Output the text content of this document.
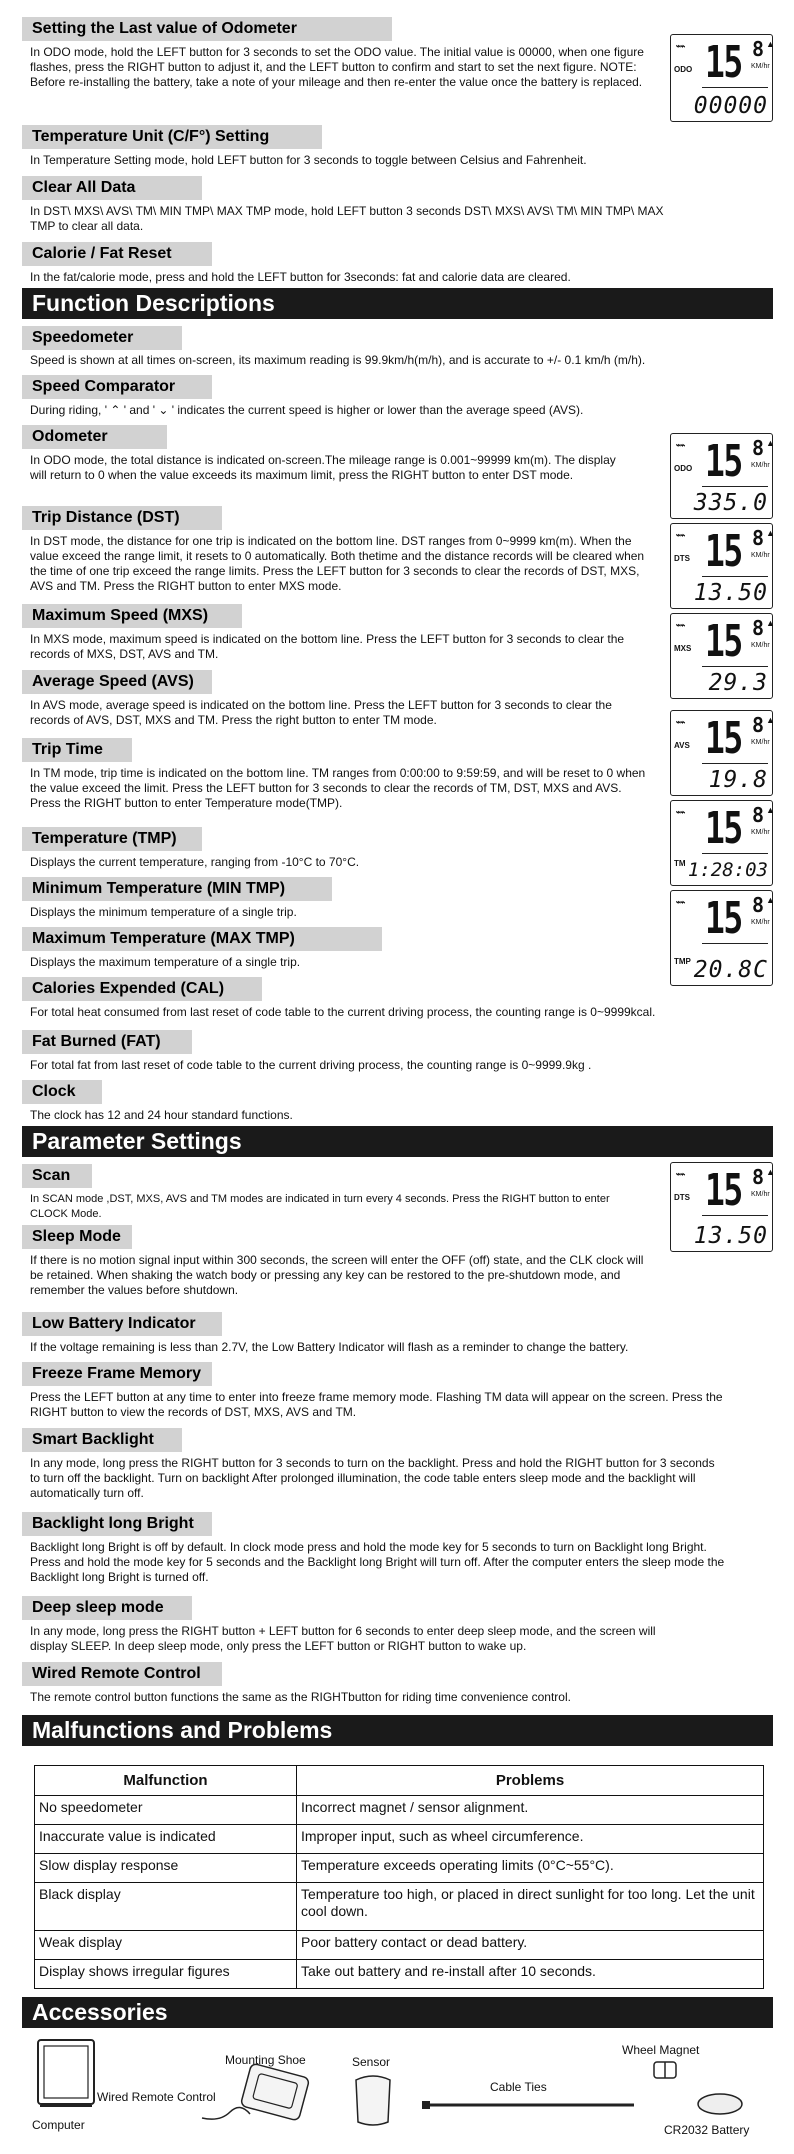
Setting the Last value of Odometer
In ODO mode, hold the LEFT button for 3 seconds to set the ODO value. The initial value is 00000, when one figure flashes, press the RIGHT button to adjust it, and the LEFT button to confirm and start to set the next figure. NOTE: Before re-installing the battery, take a note of your mileage and then re-enter the value once the battery is replaced.
Temperature Unit (C/F°) Setting
In Temperature Setting mode, hold LEFT button for 3 seconds to toggle between Celsius and Fahrenheit.
Clear All Data
In DST\ MXS\ AVS\ TM\ MIN TMP\ MAX TMP mode, hold LEFT button 3 seconds DST\ MXS\ AVS\ TM\ MIN TMP\ MAX TMP to clear all data.
Calorie / Fat Reset
In the fat/calorie mode, press and hold the LEFT button for 3seconds: fat and calorie data are cleared.
Function Descriptions
Speedometer
Speed is shown at all times on-screen, its maximum reading is 99.9km/h(m/h), and is accurate to +/- 0.1 km/h (m/h).
Speed Comparator
During riding, ' ⌃ ' and ' ⌄ ' indicates the current speed is higher or lower than the average speed (AVS).
Odometer
In ODO mode, the total distance is indicated on-screen.The mileage range is 0.001~99999 km(m). The display will return to 0 when the value exceeds its maximum limit, press the RIGHT button to enter DST mode.
Trip Distance (DST)
In DST mode, the distance for one trip is indicated on the bottom line. DST ranges from 0~9999 km(m). When the value exceed the range limit, it resets to 0 automatically. Both thetime and the distance records will be cleared when the time of one trip exceed the range limits. Press the LEFT button for 3 seconds to clear the records of DST, MXS, AVS and TM. Press the RIGHT button to enter MXS mode.
Maximum Speed (MXS)
In MXS mode, maximum speed is indicated on the bottom line. Press the LEFT button for 3 seconds to clear the records of MXS, DST, AVS and TM.
Average Speed (AVS)
In AVS mode, average speed is indicated on the bottom line. Press the LEFT button for 3 seconds to clear the records of AVS, DST, MXS and TM. Press the right button to enter TM mode.
Trip Time
In TM mode, trip time is indicated on the bottom line. TM ranges from 0:00:00 to 9:59:59, and will be reset to 0 when the value exceed the limit. Press the LEFT button for 3 seconds to clear the records of TM, DST, MXS and AVS. Press the RIGHT button to enter Temperature mode(TMP).
Temperature (TMP)
Displays the current temperature, ranging from -10°C to 70°C.
Minimum Temperature (MIN TMP)
Displays the minimum temperature of a single trip.
Maximum Temperature (MAX TMP)
Displays the maximum temperature of a single trip.
Calories Expended (CAL)
For total heat consumed from last reset of code table to the current driving process, the counting range is 0~9999kcal.
Fat Burned (FAT)
For total fat from last reset of code table to the current driving process, the counting range is 0~9999.9kg .
Clock
The clock has 12 and 24 hour standard functions.
Parameter Settings
Scan
In SCAN mode ,DST, MXS, AVS and TM modes are indicated in turn every 4 seconds. Press the RIGHT button to enter CLOCK Mode.
Sleep Mode
If there is no motion signal input within 300 seconds, the screen will enter the OFF (off) state, and the CLK clock will be retained. When shaking the watch body or pressing any key can be restored to the pre-shutdown mode, and remember the values before shutdown.
Low Battery Indicator
If the voltage remaining is less than 2.7V, the Low Battery Indicator will flash as a reminder to change the battery.
Freeze Frame Memory
Press the LEFT button at any time to enter into freeze frame memory mode. Flashing TM data will appear on the screen. Press the RIGHT button to view the records of DST, MXS, AVS and TM.
Smart Backlight
In any mode, long press the RIGHT button for 3 seconds to turn on the backlight. Press and hold the RIGHT button for 3 seconds to turn off the backlight. Turn on backlight After prolonged illumination, the code table enters sleep mode and the backlight will automatically turn off.
Backlight long Bright
Backlight long Bright is off by default. In clock mode press and hold the mode key for 5 seconds to turn on Backlight long Bright. Press and hold the mode key for 5 seconds and the Backlight long Bright will turn off. After the computer enters the sleep mode the Backlight long Bright is turned off.
Deep sleep mode
In any mode, long press the RIGHT button + LEFT button for 6 seconds to enter deep sleep mode, and the screen will display SLEEP. In deep sleep mode, only press the LEFT button or RIGHT button to wake up.
Wired Remote Control
The remote control button functions the same as the RIGHTbutton for riding time convenience control.
Malfunctions and Problems
Malfunction	Problems
No speedometer	Incorrect magnet / sensor alignment.
Inaccurate value is indicated	Improper input, such as wheel circumference.
Slow display response	Temperature exceeds operating limits (0°C~55°C).
Black display	Temperature too high, or placed in direct sunlight for too long. Let the unit cool down.
Weak display	Poor battery contact or dead battery.
Display shows irregular figures	Take out battery and re-install after 10 seconds.
Accessories
Computer
Wired Remote Control
Mounting Shoe	Sensor
Cable Ties
Wheel Magnet
CR2032 Battery
⌁⌁
ODO 15 8 ▲
KM/hr
00000
⌁⌁
ODO 15 8 ▲
KM/hr
335.0
⌁⌁
DTS 15 8 ▲
KM/hr
13.50
⌁⌁
MXS 15 8 ▲
KM/hr
29.3
⌁⌁
AVS 15 8 ▲
KM/hr
19.8
⌁⌁
TM
15 8 ▲
KM/hr
1:28:03
⌁⌁
TMP
15 8 ▲
KM/hr
20.8C
⌁⌁
DTS 15 8 ▲
KM/hr
13.50
